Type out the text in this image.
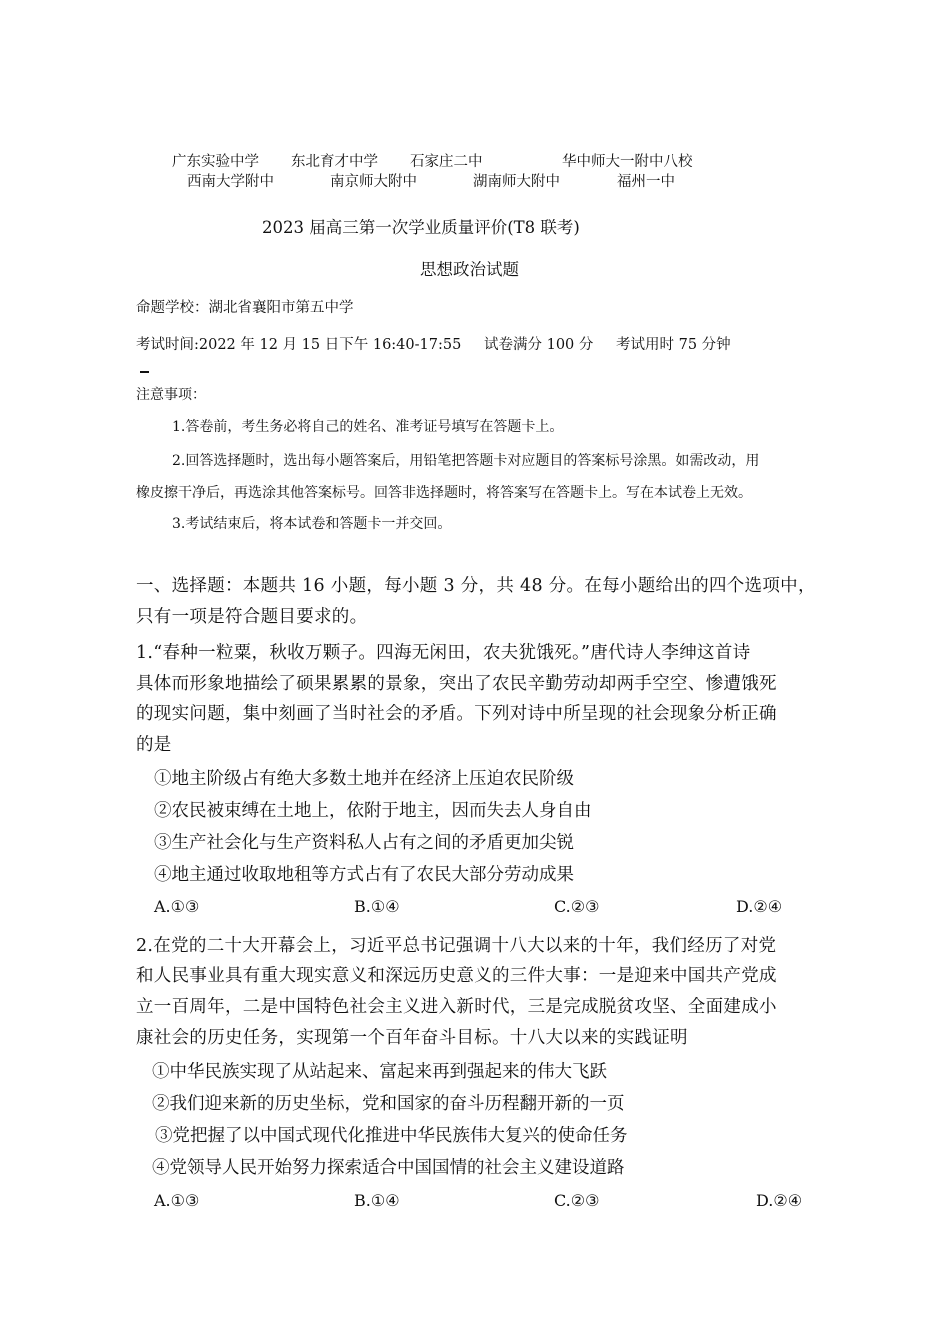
广东实验中学 东北育才中学 石家庄二中	华中师大一附中八校
西南大学附中	南京师大附中	湖南师大附中	福州一中
2023 届高三第一次学业质量评价(T8 联考)
思想政治试题
命题学校：湖北省襄阳市第五中学
考试时间:2022 年 12 月 15 日下午 16:40-17:55 试卷满分 100 分 考试用时 75 分钟
注意事项：
1.答卷前，考生务必将自己的姓名、准考证号填写在答题卡上。
2.回答选择题时，选出每小题答案后，用铅笔把答题卡对应题目的答案标号涂黑。如需改动，用
橡皮擦干净后，再选涂其他答案标号。回答非选择题时，将答案写在答题卡上。写在本试卷上无效。
3.考试结束后，将本试卷和答题卡一并交回。
一、选择题：本题共 16 小题，每小题 3 分，共 48 分。在每小题给出的四个选项中，
只有一项是符合题目要求的。
1.“春种一粒粟，秋收万颗子。四海无闲田，农夫犹饿死。”唐代诗人李绅这首诗
具体而形象地描绘了硕果累累的景象，突出了农民辛勤劳动却两手空空、惨遭饿死
的现实问题，集中刻画了当时社会的矛盾。下列对诗中所呈现的社会现象分析正确
的是
①地主阶级占有绝大多数土地并在经济上压迫农民阶级
②农民被束缚在土地上，依附于地主，因而失去人身自由
③生产社会化与生产资料私人占有之间的矛盾更加尖锐
④地主通过收取地租等方式占有了农民大部分劳动成果
A.①③	B.①④	C.②③	D.②④
2.在党的二十大开幕会上，习近平总书记强调十八大以来的十年，我们经历了对党
和人民事业具有重大现实意义和深远历史意义的三件大事：一是迎来中国共产党成
立一百周年，二是中国特色社会主义进入新时代，三是完成脱贫攻坚、全面建成小
康社会的历史任务，实现第一个百年奋斗目标。十八大以来的实践证明
①中华民族实现了从站起来、富起来再到强起来的伟大飞跃
②我们迎来新的历史坐标，党和国家的奋斗历程翻开新的一页
③党把握了以中国式现代化推进中华民族伟大复兴的使命任务
④党领导人民开始努力探索适合中国国情的社会主义建设道路
A.①③	B.①④	C.②③	D.②④
